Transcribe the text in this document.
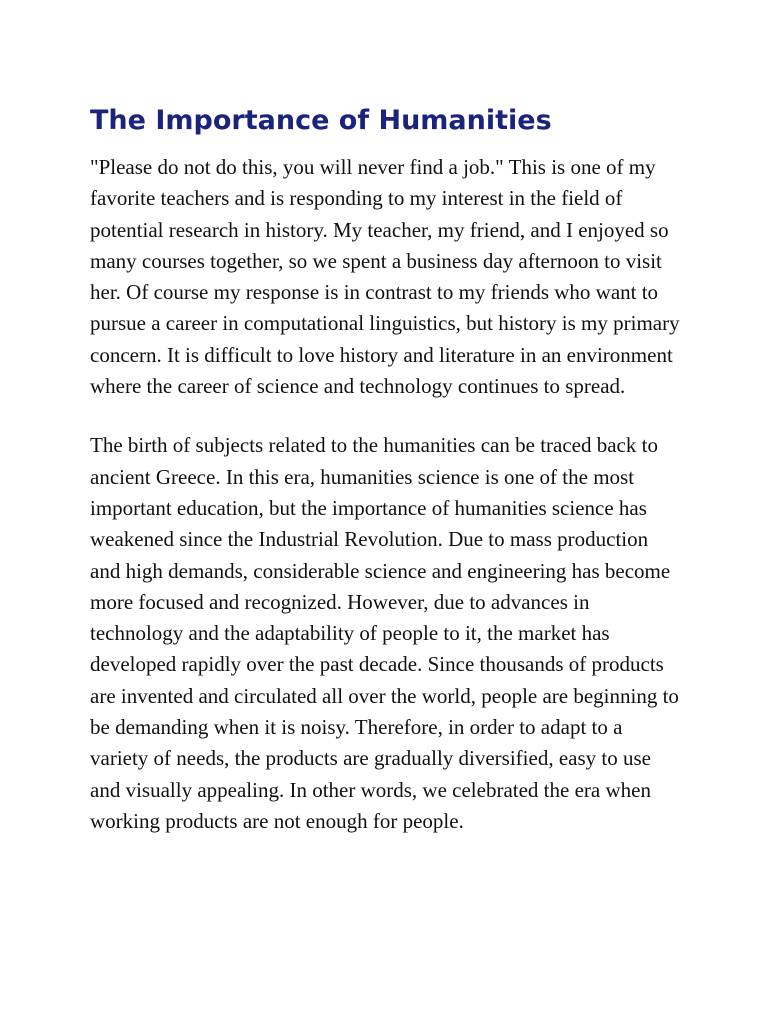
The Importance of Humanities

"Please do not do this, you will never find a job." This is one of my favorite teachers and is responding to my interest in the field of potential research in history. My teacher, my friend, and I enjoyed so many courses together, so we spent a business day afternoon to visit her. Of course my response is in contrast to my friends who want to pursue a career in computational linguistics, but history is my primary concern. It is difficult to love history and literature in an environment where the career of science and technology continues to spread.

The birth of subjects related to the humanities can be traced back to ancient Greece. In this era, humanities science is one of the most important education, but the importance of humanities science has weakened since the Industrial Revolution. Due to mass production and high demands, considerable science and engineering has become more focused and recognized. However, due to advances in technology and the adaptability of people to it, the market has developed rapidly over the past decade. Since thousands of products are invented and circulated all over the world, people are beginning to be demanding when it is noisy. Therefore, in order to adapt to a variety of needs, the products are gradually diversified, easy to use and visually appealing. In other words, we celebrated the era when working products are not enough for people.
